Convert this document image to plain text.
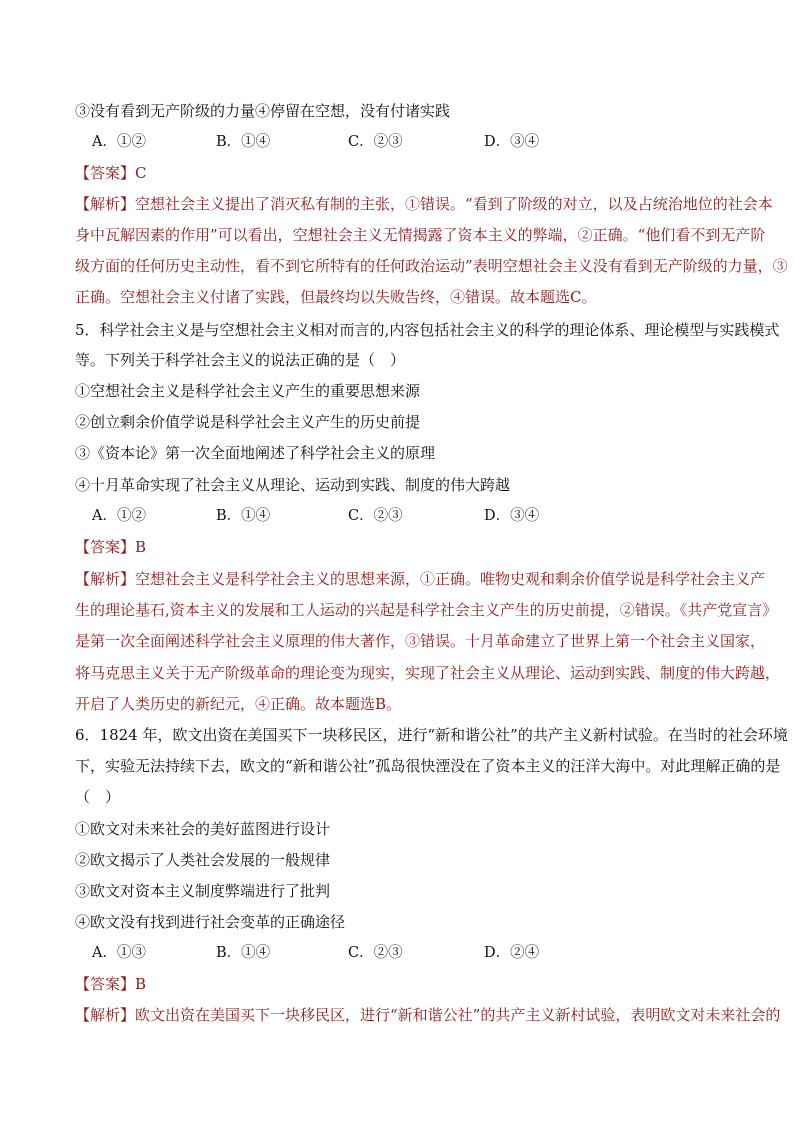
③没有看到无产阶级的力量④停留在空想，没有付诸实践
A．①②	B．①④	C．②③	D．③④
【答案】C
【解析】空想社会主义提出了消灭私有制的主张，①错误。“看到了阶级的对立，以及占统治地位的社会本
身中瓦解因素的作用”可以看出，空想社会主义无情揭露了资本主义的弊端，②正确。“他们看不到无产阶
级方面的任何历史主动性，看不到它所特有的任何政治运动”表明空想社会主义没有看到无产阶级的力量，③
正确。空想社会主义付诸了实践，但最终均以失败告终，④错误。故本题选C。
5．科学社会主义是与空想社会主义相对而言的,内容包括社会主义的科学的理论体系、理论模型与实践模式
等。下列关于科学社会主义的说法正确的是（　）
①空想社会主义是科学社会主义产生的重要思想来源
②创立剩余价值学说是科学社会主义产生的历史前提
③《资本论》第一次全面地阐述了科学社会主义的原理
④十月革命实现了社会主义从理论、运动到实践、制度的伟大跨越
A．①②	B．①④	C．②③	D．③④
【答案】B
【解析】空想社会主义是科学社会主义的思想来源，①正确。唯物史观和剩余价值学说是科学社会主义产
生的理论基石,资本主义的发展和工人运动的兴起是科学社会主义产生的历史前提，②错误。《共产党宣言》
是第一次全面阐述科学社会主义原理的伟大著作，③错误。十月革命建立了世界上第一个社会主义国家，
将马克思主义关于无产阶级革命的理论变为现实，实现了社会主义从理论、运动到实践、制度的伟大跨越，
开启了人类历史的新纪元，④正确。故本题选B。
6．1824 年，欧文出资在美国买下一块移民区，进行“新和谐公社”的共产主义新村试验。在当时的社会环境
下，实验无法持续下去，欧文的“新和谐公社”孤岛很快湮没在了资本主义的汪洋大海中。对此理解正确的是
（　）
①欧文对未来社会的美好蓝图进行设计
②欧文揭示了人类社会发展的一般规律
③欧文对资本主义制度弊端进行了批判
④欧文没有找到进行社会变革的正确途径
A．①③	B．①④	C．②③	D．②④
【答案】B
【解析】欧文出资在美国买下一块移民区，进行“新和谐公社”的共产主义新村试验，表明欧文对未来社会的
